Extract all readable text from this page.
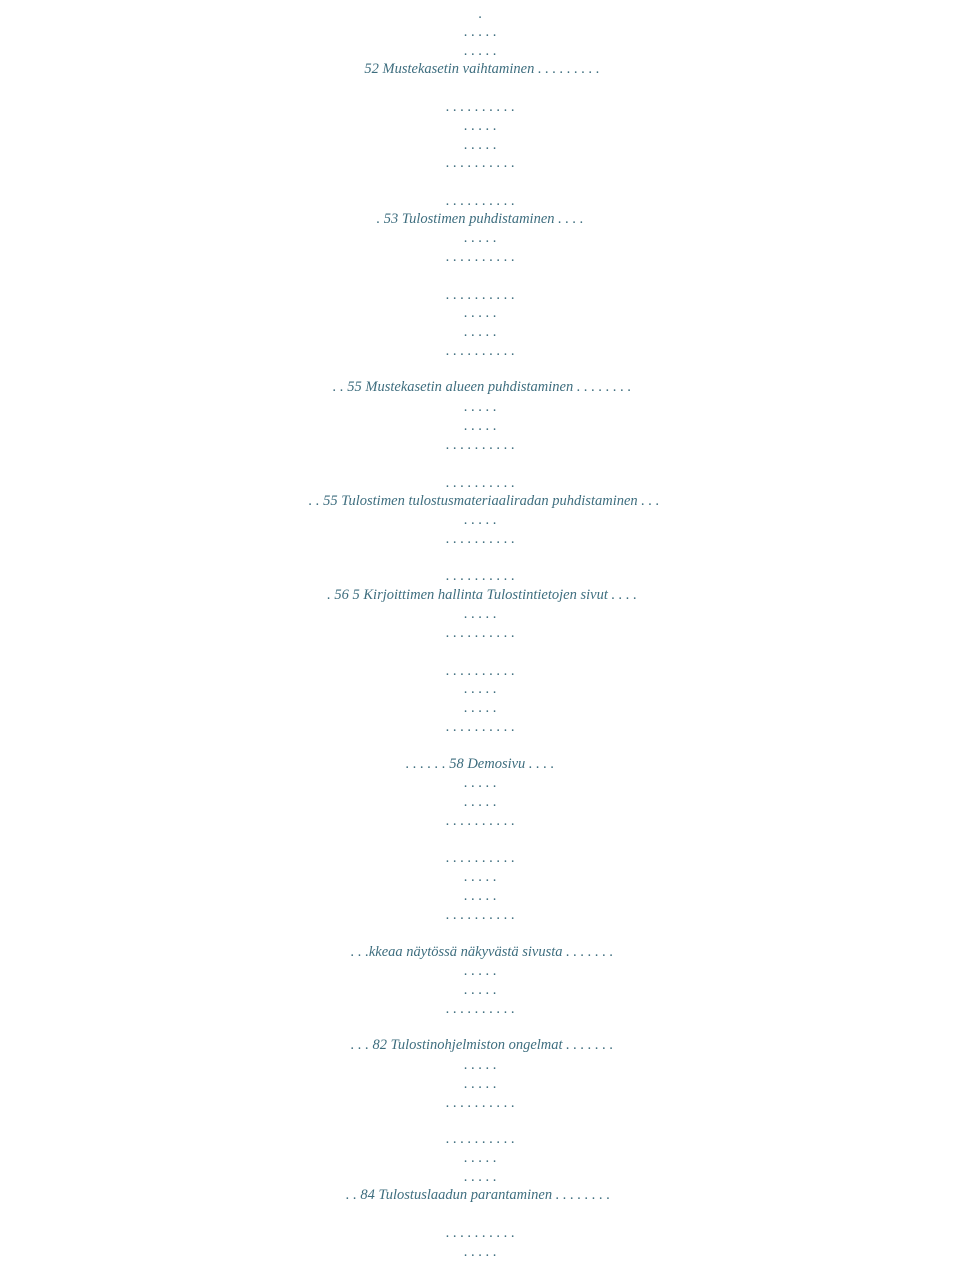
.
. . . . .
. . . . .
52 Mustekasetin vaihtaminen . . . . . . . . .
. . . . . . . . . .
. . . . .
. . . . .
. . . . . . . . . .
. . . . . . . . . .
. 53 Tulostimen puhdistaminen . . . .
. . . . .
. . . . . . . . . .
. . . . . . . . . .
. . . . .
. . . . .
. . . . . . . . . .
. . 55 Mustekasetin alueen puhdistaminen . . . . . . . .
. . . . .
. . . . .
. . . . . . . . . .
. . . . . . . . . .
. . 55 Tulostimen tulostusmateriaaliradan puhdistaminen . . .
. . . . .
. . . . . . . . . .
. . . . . . . . . .
. 56 5 Kirjoittimen hallinta Tulostintietojen sivut . . . .
. . . . .
. . . . . . . . . .
. . . . . . . . . .
. . . . .
. . . . .
. . . . . . . . . .
. . . . . . 58 Demosivu . . . .
. . . . .
. . . . .
. . . . . . . . . .
. . . . . . . . . .
. . . . .
. . . . .
. . . . . . . . . .
. . .kkeaa näytössä näkyvästä sivusta . . . . . . .
. . . . .
. . . . .
. . . . . . . . . .
. . . 82 Tulostinohjelmiston ongelmat . . . . . . .
. . . . .
. . . . .
. . . . . . . . . .
. . . . . . . . . .
. . . . .
. . . . .
. . 84 Tulostuslaadun parantaminen . . . . . . . .
. . . . . . . . . .
. . . . .
